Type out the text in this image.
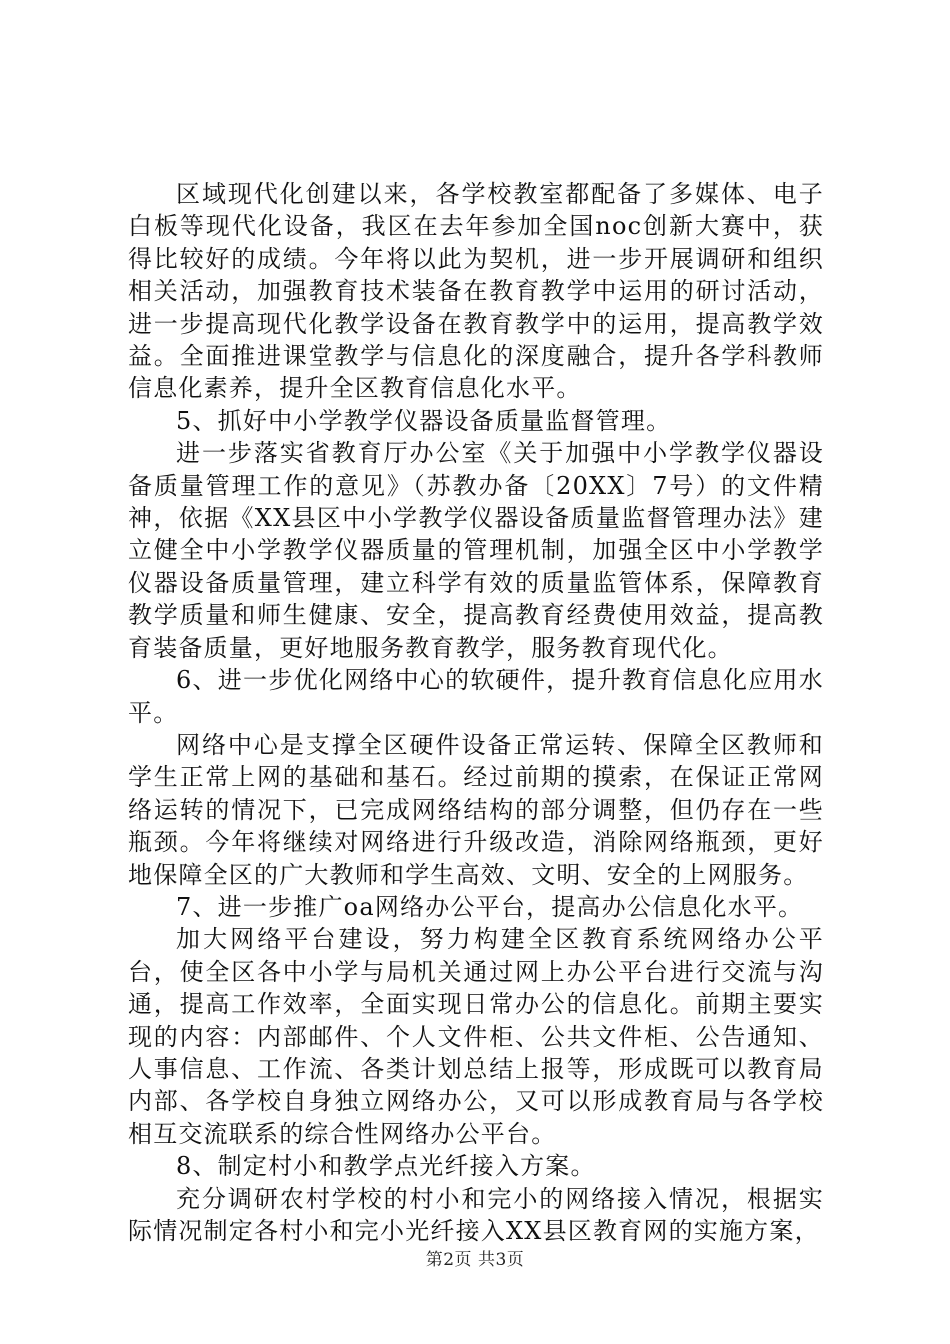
区域现代化创建以来，各学校教室都配备了多媒体、电子白板等现代化设备，我区在去年参加全国noc创新大赛中，获得比较好的成绩。今年将以此为契机，进一步开展调研和组织相关活动，加强教育技术装备在教育教学中运用的研讨活动，进一步提高现代化教学设备在教育教学中的运用，提高教学效益。全面推进课堂教学与信息化的深度融合，提升各学科教师信息化素养，提升全区教育信息化水平。

5、抓好中小学教学仪器设备质量监督管理。

进一步落实省教育厅办公室《关于加强中小学教学仪器设备质量管理工作的意见》（苏教办备〔20XX〕7号）的文件精神，依据《XX县区中小学教学仪器设备质量监督管理办法》建立健全中小学教学仪器质量的管理机制，加强全区中小学教学仪器设备质量管理，建立科学有效的质量监管体系，保障教育教学质量和师生健康、安全，提高教育经费使用效益，提高教育装备质量，更好地服务教育教学，服务教育现代化。

6、进一步优化网络中心的软硬件，提升教育信息化应用水平。

网络中心是支撑全区硬件设备正常运转、保障全区教师和学生正常上网的基础和基石。经过前期的摸索，在保证正常网络运转的情况下，已完成网络结构的部分调整，但仍存在一些瓶颈。今年将继续对网络进行升级改造，消除网络瓶颈，更好地保障全区的广大教师和学生高效、文明、安全的上网服务。

7、进一步推广oa网络办公平台，提高办公信息化水平。

加大网络平台建设，努力构建全区教育系统网络办公平台，使全区各中小学与局机关通过网上办公平台进行交流与沟通，提高工作效率，全面实现日常办公的信息化。前期主要实现的内容：内部邮件、个人文件柜、公共文件柜、公告通知、人事信息、工作流、各类计划总结上报等，形成既可以教育局内部、各学校自身独立网络办公，又可以形成教育局与各学校相互交流联系的综合性网络办公平台。

8、制定村小和教学点光纤接入方案。

充分调研农村学校的村小和完小的网络接入情况，根据实际情况制定各村小和完小光纤接入XX县区教育网的实施方案，

第2页 共3页
